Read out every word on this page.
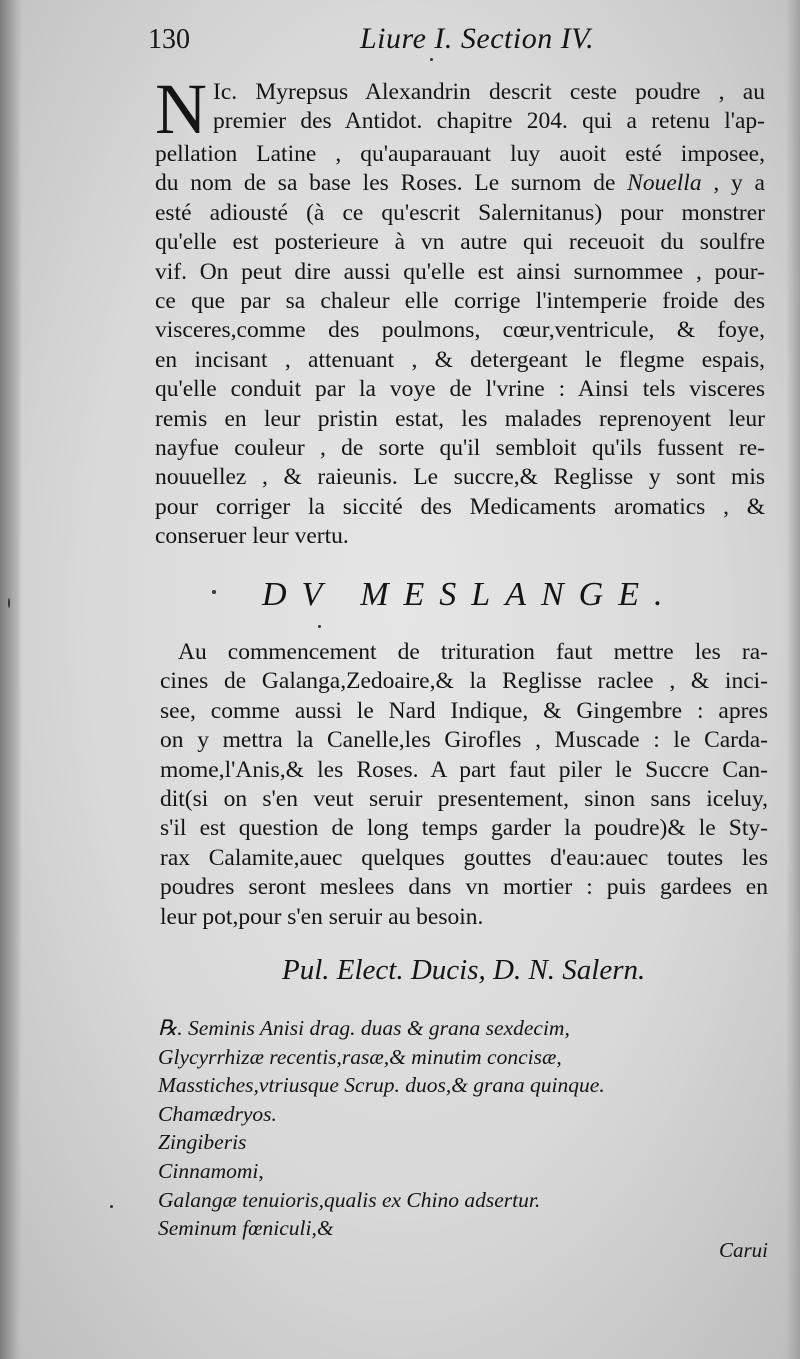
130	Liure I. Section IV.
N Ic. Myrepsus Alexandrin descrit ceste poudre , au
premier des Antidot. chapitre 204. qui a retenu l'ap-
pellation Latine , qu'auparauant luy auoit esté imposee,
du nom de sa base les Roses. Le surnom de Nouella , y a
esté adiousté (à ce qu'escrit Salernitanus) pour monstrer
qu'elle est posterieure à vn autre qui receuoit du soulfre
vif. On peut dire aussi qu'elle est ainsi surnommee , pour-
ce que par sa chaleur elle corrige l'intemperie froide des
visceres,comme des poulmons, cœur,ventricule, & foye,
en incisant , attenuant , & detergeant le flegme espais,
qu'elle conduit par la voye de l'vrine : Ainsi tels visceres
remis en leur pristin estat, les malades reprenoyent leur
nayfue couleur , de sorte qu'il sembloit qu'ils fussent re-
nouuellez , & raieunis. Le succre,& Reglisse y sont mis
pour corriger la siccité des Medicaments aromatics , &
conseruer leur vertu.
DV MESLANGE.
Au commencement de trituration faut mettre les ra-
cines de Galanga,Zedoaire,& la Reglisse raclee , & inci-
see, comme aussi le Nard Indique, & Gingembre : apres
on y mettra la Canelle,les Girofles , Muscade : le Carda-
mome,l'Anis,& les Roses. A part faut piler le Succre Can-
dit(si on s'en veut seruir presentement, sinon sans iceluy,
s'il est question de long temps garder la poudre)& le Sty-
rax Calamite,auec quelques gouttes d'eau:auec toutes les
poudres seront meslees dans vn mortier : puis gardees en
leur pot,pour s'en seruir au besoin.
Pul. Elect. Ducis, D. N. Salern.
℞. Seminis Anisi drag. duas & grana sexdecim,
Glycyrrhizæ recentis,rasæ,& minutim concisæ,
Masstiches,vtriusque Scrup. duos,& grana quinque.
Chamædryos.
Zingiberis
Cinnamomi,
Galangæ tenuioris,qualis ex Chino adsertur.
Seminum fœniculi,&
Carui
